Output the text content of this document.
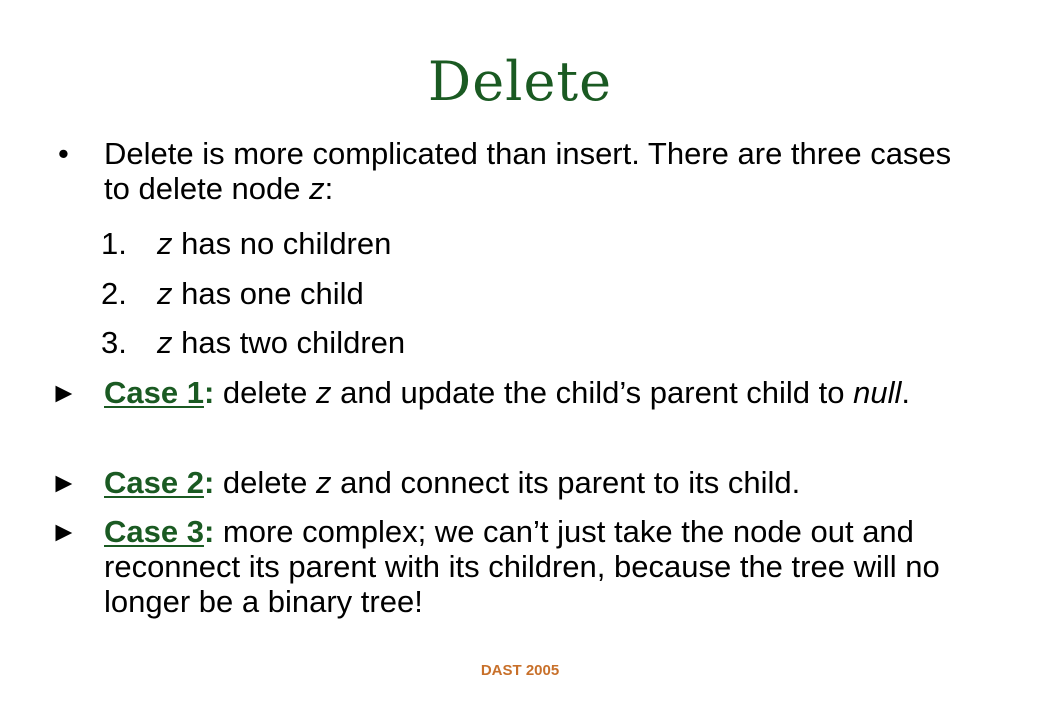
Delete
• Delete is more complicated than insert. There are three cases to delete node z:
1. z has no children
2. z has one child
3. z has two children
► Case 1: delete z and update the child’s parent child to null.
► Case 2: delete z and connect its parent to its child.
► Case 3: more complex; we can’t just take the node out and reconnect its parent with its children, because the tree will no longer be a binary tree!
DAST 2005
